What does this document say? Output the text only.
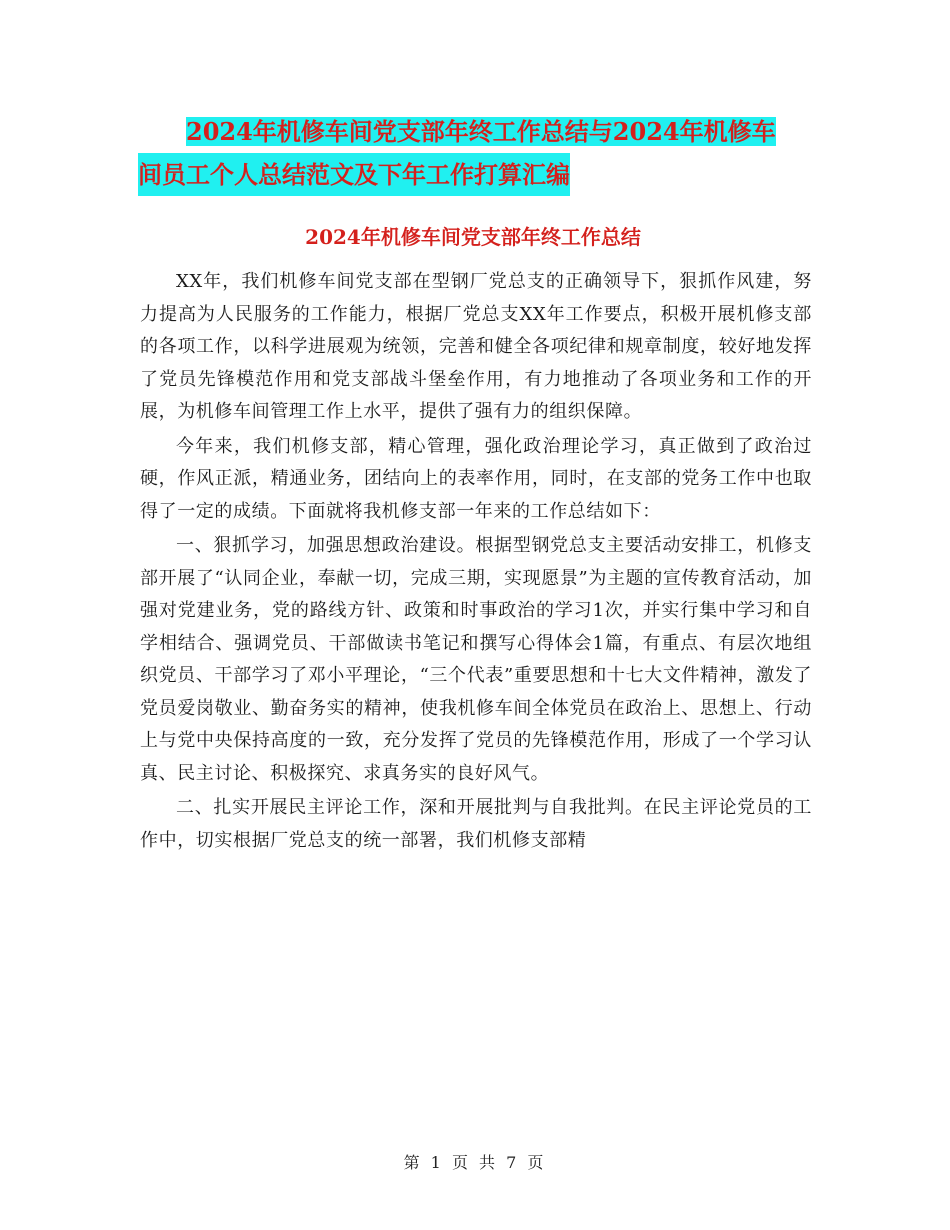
2024年机修车间党支部年终工作总结与2024年机修车
间员工个人总结范文及下年工作打算汇编
2024年机修车间党支部年终工作总结

XX年，我们机修车间党支部在型钢厂党总支的正确领导下，狠抓作风建，努力提高为人民服务的工作能力，根据厂党总支XX年工作要点，积极开展机修支部的各项工作，以科学进展观为统领，完善和健全各项纪律和规章制度，较好地发挥了党员先锋模范作用和党支部战斗堡垒作用，有力地推动了各项业务和工作的开展，为机修车间管理工作上水平，提供了强有力的组织保障。

今年来，我们机修支部，精心管理，强化政治理论学习，真正做到了政治过硬，作风正派，精通业务，团结向上的表率作用，同时，在支部的党务工作中也取得了一定的成绩。下面就将我机修支部一年来的工作总结如下：

一、狠抓学习，加强思想政治建设。根据型钢党总支主要活动安排工，机修支部开展了“认同企业，奉献一切，完成三期，实现愿景”为主题的宣传教育活动，加强对党建业务，党的路线方针、政策和时事政治的学习1次，并实行集中学习和自学相结合、强调党员、干部做读书笔记和撰写心得体会1篇，有重点、有层次地组织党员、干部学习了邓小平理论，“三个代表”重要思想和十七大文件精神，激发了党员爱岗敬业、勤奋务实的精神，使我机修车间全体党员在政治上、思想上、行动上与党中央保持高度的一致，充分发挥了党员的先锋模范作用，形成了一个学习认真、民主讨论、积极探究、求真务实的良好风气。

二、扎实开展民主评论工作，深和开展批判与自我批判。在民主评论党员的工作中，切实根据厂党总支的统一部署，我们机修支部精

第 1 页 共 7 页
